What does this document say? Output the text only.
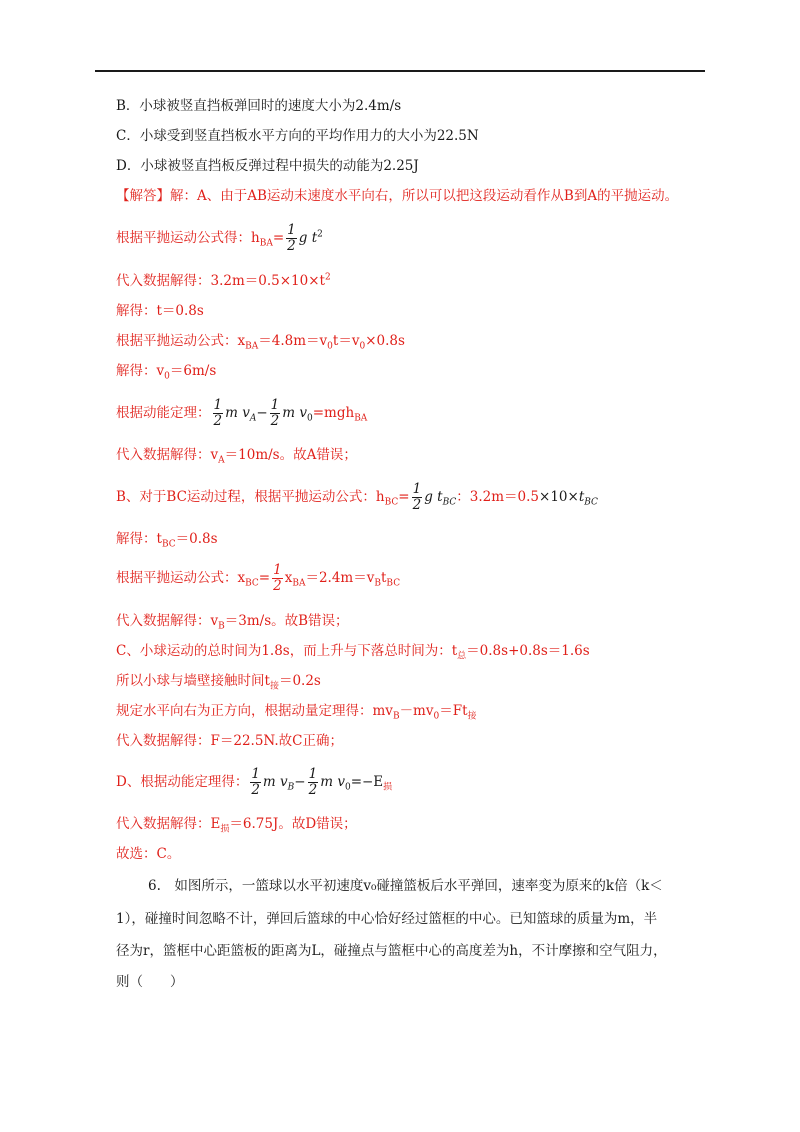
B．小球被竖直挡板弹回时的速度大小为2.4m/s
C．小球受到竖直挡板水平方向的平均作用力的大小为22.5N
D．小球被竖直挡板反弹过程中损失的动能为2.25J
【解答】解：A、由于AB运动末速度水平向右，所以可以把这段运动看作从B到A的平抛运动。
根据平抛运动公式得：$h_{BA}= \frac{1}{2}$ g $t^2$
代入数据解得：$3.2m=0.5\times 10\times t^2$
解得：t＝0.8s
根据平抛运动公式：$x_{BA}=4.8m=v_0t=v_0\times 0.8s$
解得：$v_0=6m/s$
根据动能定理： $\frac{1}{2}$ m $v_A- \frac{1}{2}$ m $v_0=mgh_{BA}$
代入数据解得：$v_A=10m/s$。故A错误；
B、对于BC运动过程，根据平抛运动公式：$h_{BC}= \frac{1}{2}$ g $t_{BC}$：$3.2m=0.5\times 10\times t_{BC}$
解得：$t_{BC}=0.8s$
根据平抛运动公式：$x_{BC}= \frac{1}{2} x_{BA}=2.4m=v_Bt_{BC}$
代入数据解得：$v_B=3m/s$。故B错误；
C、小球运动的总时间为1.8s，而上升与下落总时间为：$t_总=0.8s+0.8s=1.6s$
所以小球与墙壁接触时间$t_接=0.2s$
规定水平向右为正方向，根据动量定理得：$mv_B-mv_0=Ft_接$
代入数据解得：F＝22.5N.故C正确；
D、根据动能定理得： $\frac{1}{2}$ m $v_B- \frac{1}{2}$ m $v_0=-E_损$
代入数据解得：$E_损=6.75J$。故D错误；
故选：C。
6.　如图所示，一篮球以水平初速度v₀碰撞篮板后水平弹回，速率变为原来的k倍（k＜
1），碰撞时间忽略不计，弹回后篮球的中心恰好经过篮框的中心。已知篮球的质量为m，半
径为r，篮框中心距篮板的距离为L，碰撞点与篮框中心的高度差为h，不计摩擦和空气阻力，
则（　　）
